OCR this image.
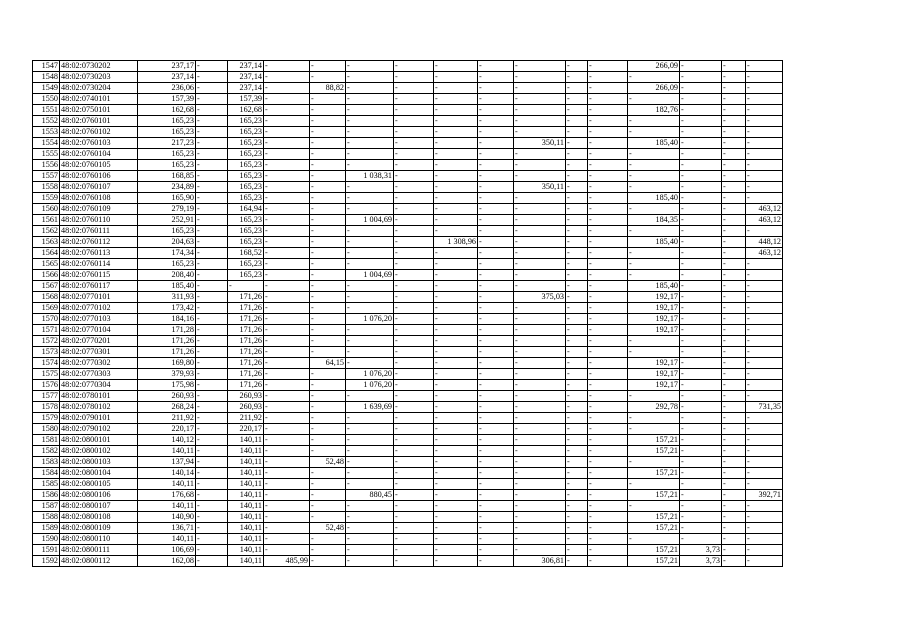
1547	48:02:0730202	237,17	-	237,14	-	-	-	-	-	-	-	-	-	266,09	-	-	-
1548	48:02:0730203	237,14	-	237,14	-	-	-	-	-	-	-	-	-	-	-	-	-
1549	48:02:0730204	236,06	-	237,14	-	88,82	-	-	-	-	-	-	-	266,09	-	-	-
1550	48:02:0740101	157,39	-	157,39	-	-	-	-	-	-	-	-	-	-	-	-	-
1551	48:02:0750101	162,68	-	162,68	-	-	-	-	-	-	-	-	-	182,76	-	-	-
1552	48:02:0760101	165,23	-	165,23	-	-	-	-	-	-	-	-	-	-	-	-	-
1553	48:02:0760102	165,23	-	165,23	-	-	-	-	-	-	-	-	-	-	-	-	-
1554	48:02:0760103	217,23	-	165,23	-	-	-	-	-	-	350,11	-	-	185,40	-	-	-
1555	48:02:0760104	165,23	-	165,23	-	-	-	-	-	-	-	-	-	-	-	-	-
1556	48:02:0760105	165,23	-	165,23	-	-	-	-	-	-	-	-	-	-	-	-	-
1557	48:02:0760106	168,85	-	165,23	-	-	1 038,31	-	-	-	-	-	-	-	-	-	-
1558	48:02:0760107	234,89	-	165,23	-	-	-	-	-	-	350,11	-	-	-	-	-	-
1559	48:02:0760108	165,90	-	165,23	-	-	-	-	-	-	-	-	-	185,40	-	-	-
1560	48:02:0760109	279,19	-	164,94	-	-	-	-	-	-	-	-	-	-	-	-	463,12
1561	48:02:0760110	252,91	-	165,23	-	-	1 004,69	-	-	-	-	-	-	184,35	-	-	463,12
1562	48:02:0760111	165,23	-	165,23	-	-	-	-	-	-	-	-	-	-	-	-	-
1563	48:02:0760112	204,63	-	165,23	-	-	-	-	1 308,96	-	-	-	-	185,40	-	-	448,12
1564	48:02:0760113	174,34	-	168,52	-	-	-	-	-	-	-	-	-	-	-	-	463,12
1565	48:02:0760114	165,23	-	165,23	-	-	-	-	-	-	-	-	-	-	-	-	-
1566	48:02:0760115	208,40	-	165,23	-	-	1 004,69	-	-	-	-	-	-	-	-	-	-
1567	48:02:0760117	185,40	-	-	-	-	-	-	-	-	-	-	-	185,40	-	-	-
1568	48:02:0770101	311,93	-	171,26	-	-	-	-	-	-	375,03	-	-	192,17	-	-	-
1569	48:02:0770102	173,42	-	171,26	-	-	-	-	-	-	-	-	-	192,17	-	-	-
1570	48:02:0770103	184,16	-	171,26	-	-	1 076,20	-	-	-	-	-	-	192,17	-	-	-
1571	48:02:0770104	171,28	-	171,26	-	-	-	-	-	-	-	-	-	192,17	-	-	-
1572	48:02:0770201	171,26	-	171,26	-	-	-	-	-	-	-	-	-	-	-	-	-
1573	48:02:0770301	171,26	-	171,26	-	-	-	-	-	-	-	-	-	-	-	-	-
1574	48:02:0770302	169,80	-	171,26	-	64,15	-	-	-	-	-	-	-	192,17	-	-	-
1575	48:02:0770303	379,93	-	171,26	-	-	1 076,20	-	-	-	-	-	-	192,17	-	-	-
1576	48:02:0770304	175,98	-	171,26	-	-	1 076,20	-	-	-	-	-	-	192,17	-	-	-
1577	48:02:0780101	260,93	-	260,93	-	-	-	-	-	-	-	-	-	-	-	-	-
1578	48:02:0780102	268,24	-	260,93	-	-	1 639,69	-	-	-	-	-	-	292,78	-	-	731,35
1579	48:02:0790101	211,92	-	211,92	-	-	-	-	-	-	-	-	-	-	-	-	-
1580	48:02:0790102	220,17	-	220,17	-	-	-	-	-	-	-	-	-	-	-	-	-
1581	48:02:0800101	140,12	-	140,11	-	-	-	-	-	-	-	-	-	157,21	-	-	-
1582	48:02:0800102	140,11	-	140,11	-	-	-	-	-	-	-	-	-	157,21	-	-	-
1583	48:02:0800103	137,94	-	140,11	-	52,48	-	-	-	-	-	-	-	-	-	-	-
1584	48:02:0800104	140,14	-	140,11	-	-	-	-	-	-	-	-	-	157,21	-	-	-
1585	48:02:0800105	140,11	-	140,11	-	-	-	-	-	-	-	-	-	-	-	-	-
1586	48:02:0800106	176,68	-	140,11	-	-	880,45	-	-	-	-	-	-	157,21	-	-	392,71
1587	48:02:0800107	140,11	-	140,11	-	-	-	-	-	-	-	-	-	-	-	-	-
1588	48:02:0800108	140,90	-	140,11	-	-	-	-	-	-	-	-	-	157,21	-	-	-
1589	48:02:0800109	136,71	-	140,11	-	52,48	-	-	-	-	-	-	-	157,21	-	-	-
1590	48:02:0800110	140,11	-	140,11	-	-	-	-	-	-	-	-	-	-	-	-	-
1591	48:02:0800111	106,69	-	140,11	-	-	-	-	-	-	-	-	-	157,21	3,73	-	-
1592	48:02:0800112	162,08	-	140,11	485,99	-	-	-	-	-	306,81	-	-	157,21	3,73	-	-
